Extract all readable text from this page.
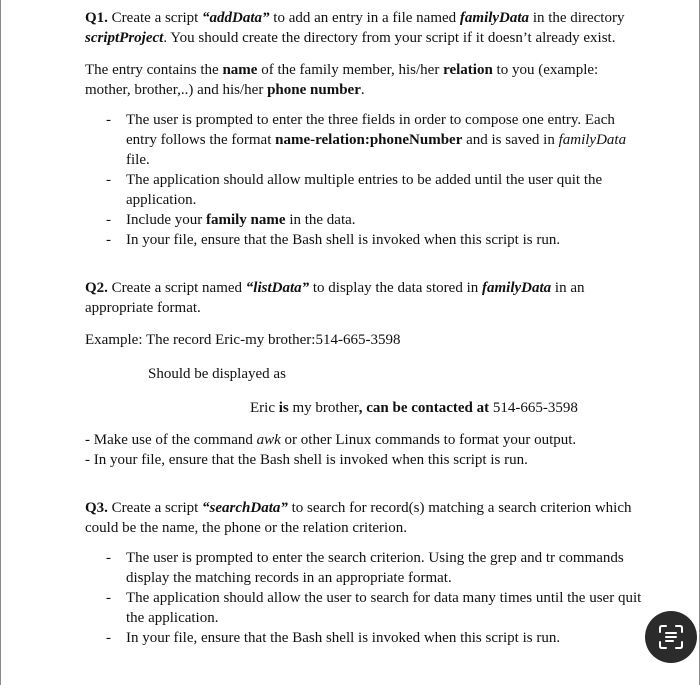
Q1. Create a script “addData” to add an entry in a file named familyData in the directory scriptProject. You should create the directory from your script if it doesn’t already exist.

The entry contains the name of the family member, his/her relation to you (example: mother, brother,..) and his/her phone number.

- The user is prompted to enter the three fields in order to compose one entry. Each entry follows the format name-relation:phoneNumber and is saved in familyData file.
- The application should allow multiple entries to be added until the user quit the application.
- Include your family name in the data.
- In your file, ensure that the Bash shell is invoked when this script is run.

Q2. Create a script named “listData” to display the data stored in familyData in an appropriate format.

Example: The record Eric-my brother:514-665-3598

Should be displayed as

Eric is my brother, can be contacted at 514-665-3598

- Make use of the command awk or other Linux commands to format your output.

- In your file, ensure that the Bash shell is invoked when this script is run.

Q3. Create a script “searchData” to search for record(s) matching a search criterion which could be the name, the phone or the relation criterion.

- The user is prompted to enter the search criterion. Using the grep and tr commands display the matching records in an appropriate format.
- The application should allow the user to search for data many times until the user quit the application.
- In your file, ensure that the Bash shell is invoked when this script is run.
